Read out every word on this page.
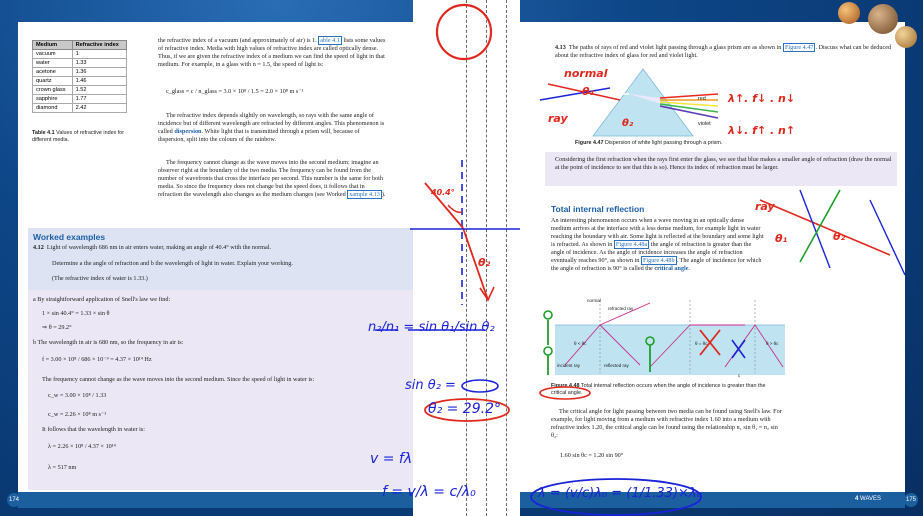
Medium	Refractive index
vacuum	1
water	1.33
acetone	1.36
quartz	1.46
crown glass	1.52
sapphire	1.77
diamond	2.42
Table 4.1 Values of refractive index for different media.
the refractive index of a vacuum (and approximately of air) is 1. able 4.1 lists some values of refractive index. Media with high values of refractive index are called optically dense. Thus, if we are given the refractive index of a medium we can find the speed of light in that medium. For example, in a glass with n = 1.5, the speed of light is:
c_glass = c / n_glass = 3.0 × 10⁸ / 1.5 = 2.0 × 10⁸ m s⁻¹
The refractive index depends slightly on wavelength, so rays with the same angle of incidence but of different wavelength are refracted by different angles. This phenomenon is called dispersion. White light that is transmitted through a prism will, because of dispersion, split into the colours of the rainbow.
The frequency cannot change as the wave moves into the second medium: imagine an observer right at the boundary of the two media. The frequency can be found from the number of wavefronts that cross the interface per second. This number is the same for both media. So since the frequency does not change but the speed does, it follows that in refraction the wavelength also changes as the medium changes (see Worked xample 4.13 ).
Worked examples
4.12 Light of wavelength 686 nm in air enters water, making an angle of 40.4° with the normal.
Determine a the angle of refraction and b the wavelength of light in water. Explain your working.
(The refractive index of water is 1.33.)
a By straightforward application of Snell's law we find:
1 × sin 40.4° = 1.33 × sin θ
⇒ θ = 29.2°
b The wavelength in air is 680 nm, so the frequency in air is:
f = 3.00 × 10⁸ / 686 × 10⁻⁹ = 4.37 × 10¹⁴ Hz
The frequency cannot change as the wave moves into the second medium. Since the speed of light in water is:
c_w = 3.00 × 10⁸ / 1.33
c_w = 2.26 × 10⁸ m s⁻¹
It follows that the wavelength in water is:
λ = 2.26 × 10⁸ / 4.37 × 10¹⁴
λ = 517 nm
4.13 The paths of rays of red and violet light passing through a glass prism are as shown in Figure 4.47 . Discuss what can be deduced about the refractive index of glass for red and violet light.
red
violet
Figure 4.47 Dispersion of white light passing through a prism.
Considering the first refraction when the rays first enter the glass, we see that blue makes a smaller angle of refraction (draw the normal at the point of incidence to see that this is so). Hence its index of refraction must be larger.
Total internal reflection
An interesting phenomenon occurs when a wave moving in an optically dense medium arrives at the interface with a less dense medium, for example light in water reaching the boundary with air. Some light is reflected at the boundary and some light is refracted. As shown in Figure 4.48a the angle of refraction is greater than the angle of incidence. As the angle of incidence increases the angle of refraction eventually reaches 90°, as shown in Figure 4.48b . The angle of incidence for which the angle of refraction is 90° is called the critical angle.
normal
refracted ray
incident ray	reflected ray
θ < θc	θ = θc	θ > θc
c
Figure 4.48 Total internal reflection occurs when the angle of incidence is greater than the critical angle.
The critical angle for light passing between two media can be found using Snell's law. For example, for light moving from a medium with refractive index 1.60 into a medium with refractive index 1.20, the critical angle can be found using the relationship n₁ sin θ₁ = n₂ sin θ₂:
1.60 sin θc = 1.20 sin 90°
174	4 WAVES	175
normal
ray
θ₁
θ₂
λ↑. f↓ . n↓
λ↓. f↑ . n↑
ray
θ₁	θ₂
40.4°
θ₂
n₂/n₁ = sin θ₁/sin θ₂
sin θ₂ =
θ₂ = 29.2°
v = fλ
f = v/λ = c/λ₀	λ = (v/c)λ₀ = (1/1.33)×λ₀
